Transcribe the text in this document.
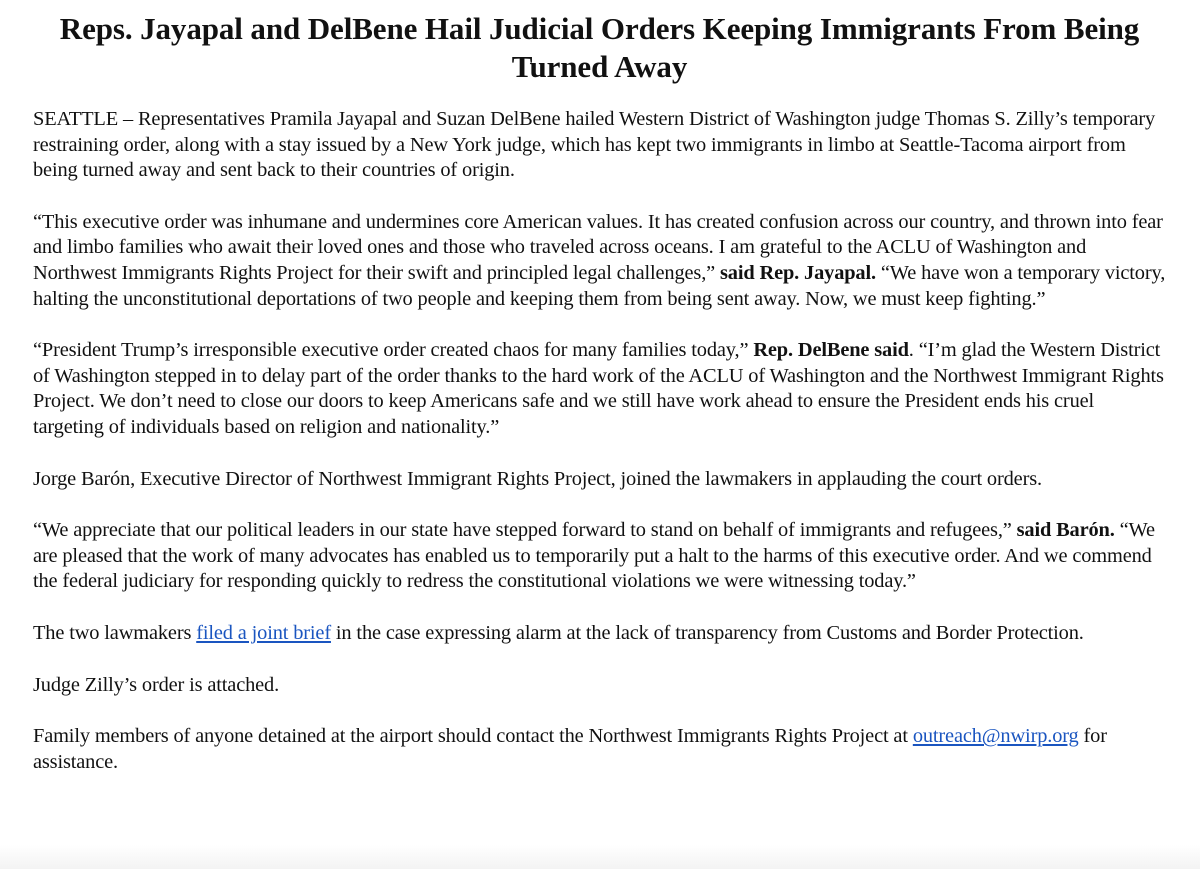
Reps. Jayapal and DelBene Hail Judicial Orders Keeping Immigrants From Being Turned Away

SEATTLE – Representatives Pramila Jayapal and Suzan DelBene hailed Western District of Washington judge Thomas S. Zilly’s temporary restraining order, along with a stay issued by a New York judge, which has kept two immigrants in limbo at Seattle-Tacoma airport from being turned away and sent back to their countries of origin.

“This executive order was inhumane and undermines core American values. It has created confusion across our country, and thrown into fear and limbo families who await their loved ones and those who traveled across oceans. I am grateful to the ACLU of Washington and Northwest Immigrants Rights Project for their swift and principled legal challenges,” said Rep. Jayapal. “We have won a temporary victory, halting the unconstitutional deportations of two people and keeping them from being sent away. Now, we must keep fighting.”

“President Trump’s irresponsible executive order created chaos for many families today,” Rep. DelBene said. “I’m glad the Western District of Washington stepped in to delay part of the order thanks to the hard work of the ACLU of Washington and the Northwest Immigrant Rights Project. We don’t need to close our doors to keep Americans safe and we still have work ahead to ensure the President ends his cruel targeting of individuals based on religion and nationality.”

Jorge Barón, Executive Director of Northwest Immigrant Rights Project, joined the lawmakers in applauding the court orders.

“We appreciate that our political leaders in our state have stepped forward to stand on behalf of immigrants and refugees,” said Barón. “We are pleased that the work of many advocates has enabled us to temporarily put a halt to the harms of this executive order. And we commend the federal judiciary for responding quickly to redress the constitutional violations we were witnessing today.”

The two lawmakers filed a joint brief in the case expressing alarm at the lack of transparency from Customs and Border Protection.

Judge Zilly’s order is attached.

Family members of anyone detained at the airport should contact the Northwest Immigrants Rights Project at outreach@nwirp.org for assistance.
